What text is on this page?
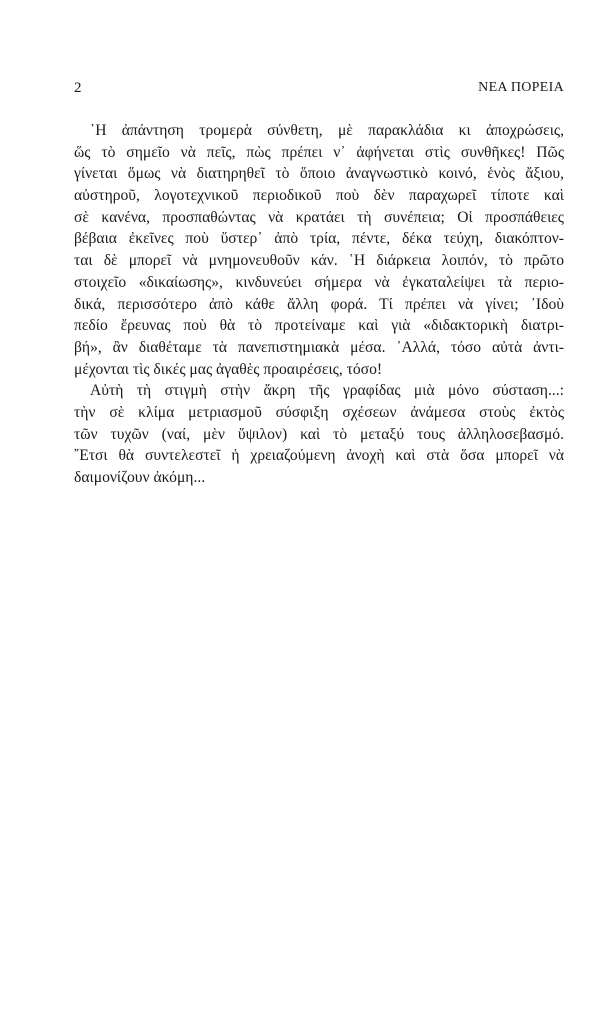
2	ΝΕΑ ΠΟΡΕΙΑ
῾Η ἀπάντηση τρομερὰ σύνθετη, μὲ παρακλάδια κι ἀποχρώσεις,
ὥς τὸ σημεῖο νὰ πεῖς, πὼς πρέπει ν᾽ ἀφήνεται στὶς συνθῆκες! Πῶς
γίνεται ὅμως νὰ διατηρηθεῖ τὸ ὅποιο ἀναγνωστικὸ κοινό, ἑνὸς ἄξιου,
αὐστηροῦ, λογοτεχνικοῦ περιοδικοῦ ποὺ δὲν παραχωρεῖ τίποτε καὶ
σὲ κανένα, προσπαθώντας νὰ κρατάει τὴ συνέπεια; Οἱ προσπάθειες
βέβαια ἐκεῖνες ποὺ ὕστερ᾽ ἀπὸ τρία, πέντε, δέκα τεύχη, διακόπτον-
ται δὲ μπορεῖ νὰ μνημονευθοῦν κάν. ῾Η διάρκεια λοιπόν, τὸ πρῶτο
στοιχεῖο «δικαίωσης», κινδυνεύει σήμερα νὰ ἐγκαταλείψει τὰ περιο-
δικά, περισσότερο ἀπὸ κάθε ἄλλη φορά. Τί πρέπει νὰ γίνει; ᾽Ιδοὺ
πεδίο ἔρευνας ποὺ θὰ τὸ προτείναμε καὶ γιὰ «διδακτορικὴ διατρι-
βή», ἂν διαθέταμε τὰ πανεπιστημιακὰ μέσα. ᾽Αλλά, τόσο αὐτὰ ἀντι-
μέχονται τὶς δικές μας ἀγαθὲς προαιρέσεις, τόσο!
Αὐτὴ τὴ στιγμὴ στὴν ἄκρη τῆς γραφίδας μιὰ μόνο σύσταση...:
τὴν σὲ κλίμα μετριασμοῦ σύσφιξη σχέσεων ἀνάμεσα στοὺς ἐκτὸς
τῶν τυχῶν (ναί, μὲν ὕψιλον) καὶ τὸ μεταξύ τους ἀλληλοσεβασμό.
῎Ετσι θὰ συντελεστεῖ ἡ χρειαζούμενη ἀνοχὴ καὶ στὰ ὅσα μπορεῖ νὰ
δαιμονίζουν ἀκόμη...
